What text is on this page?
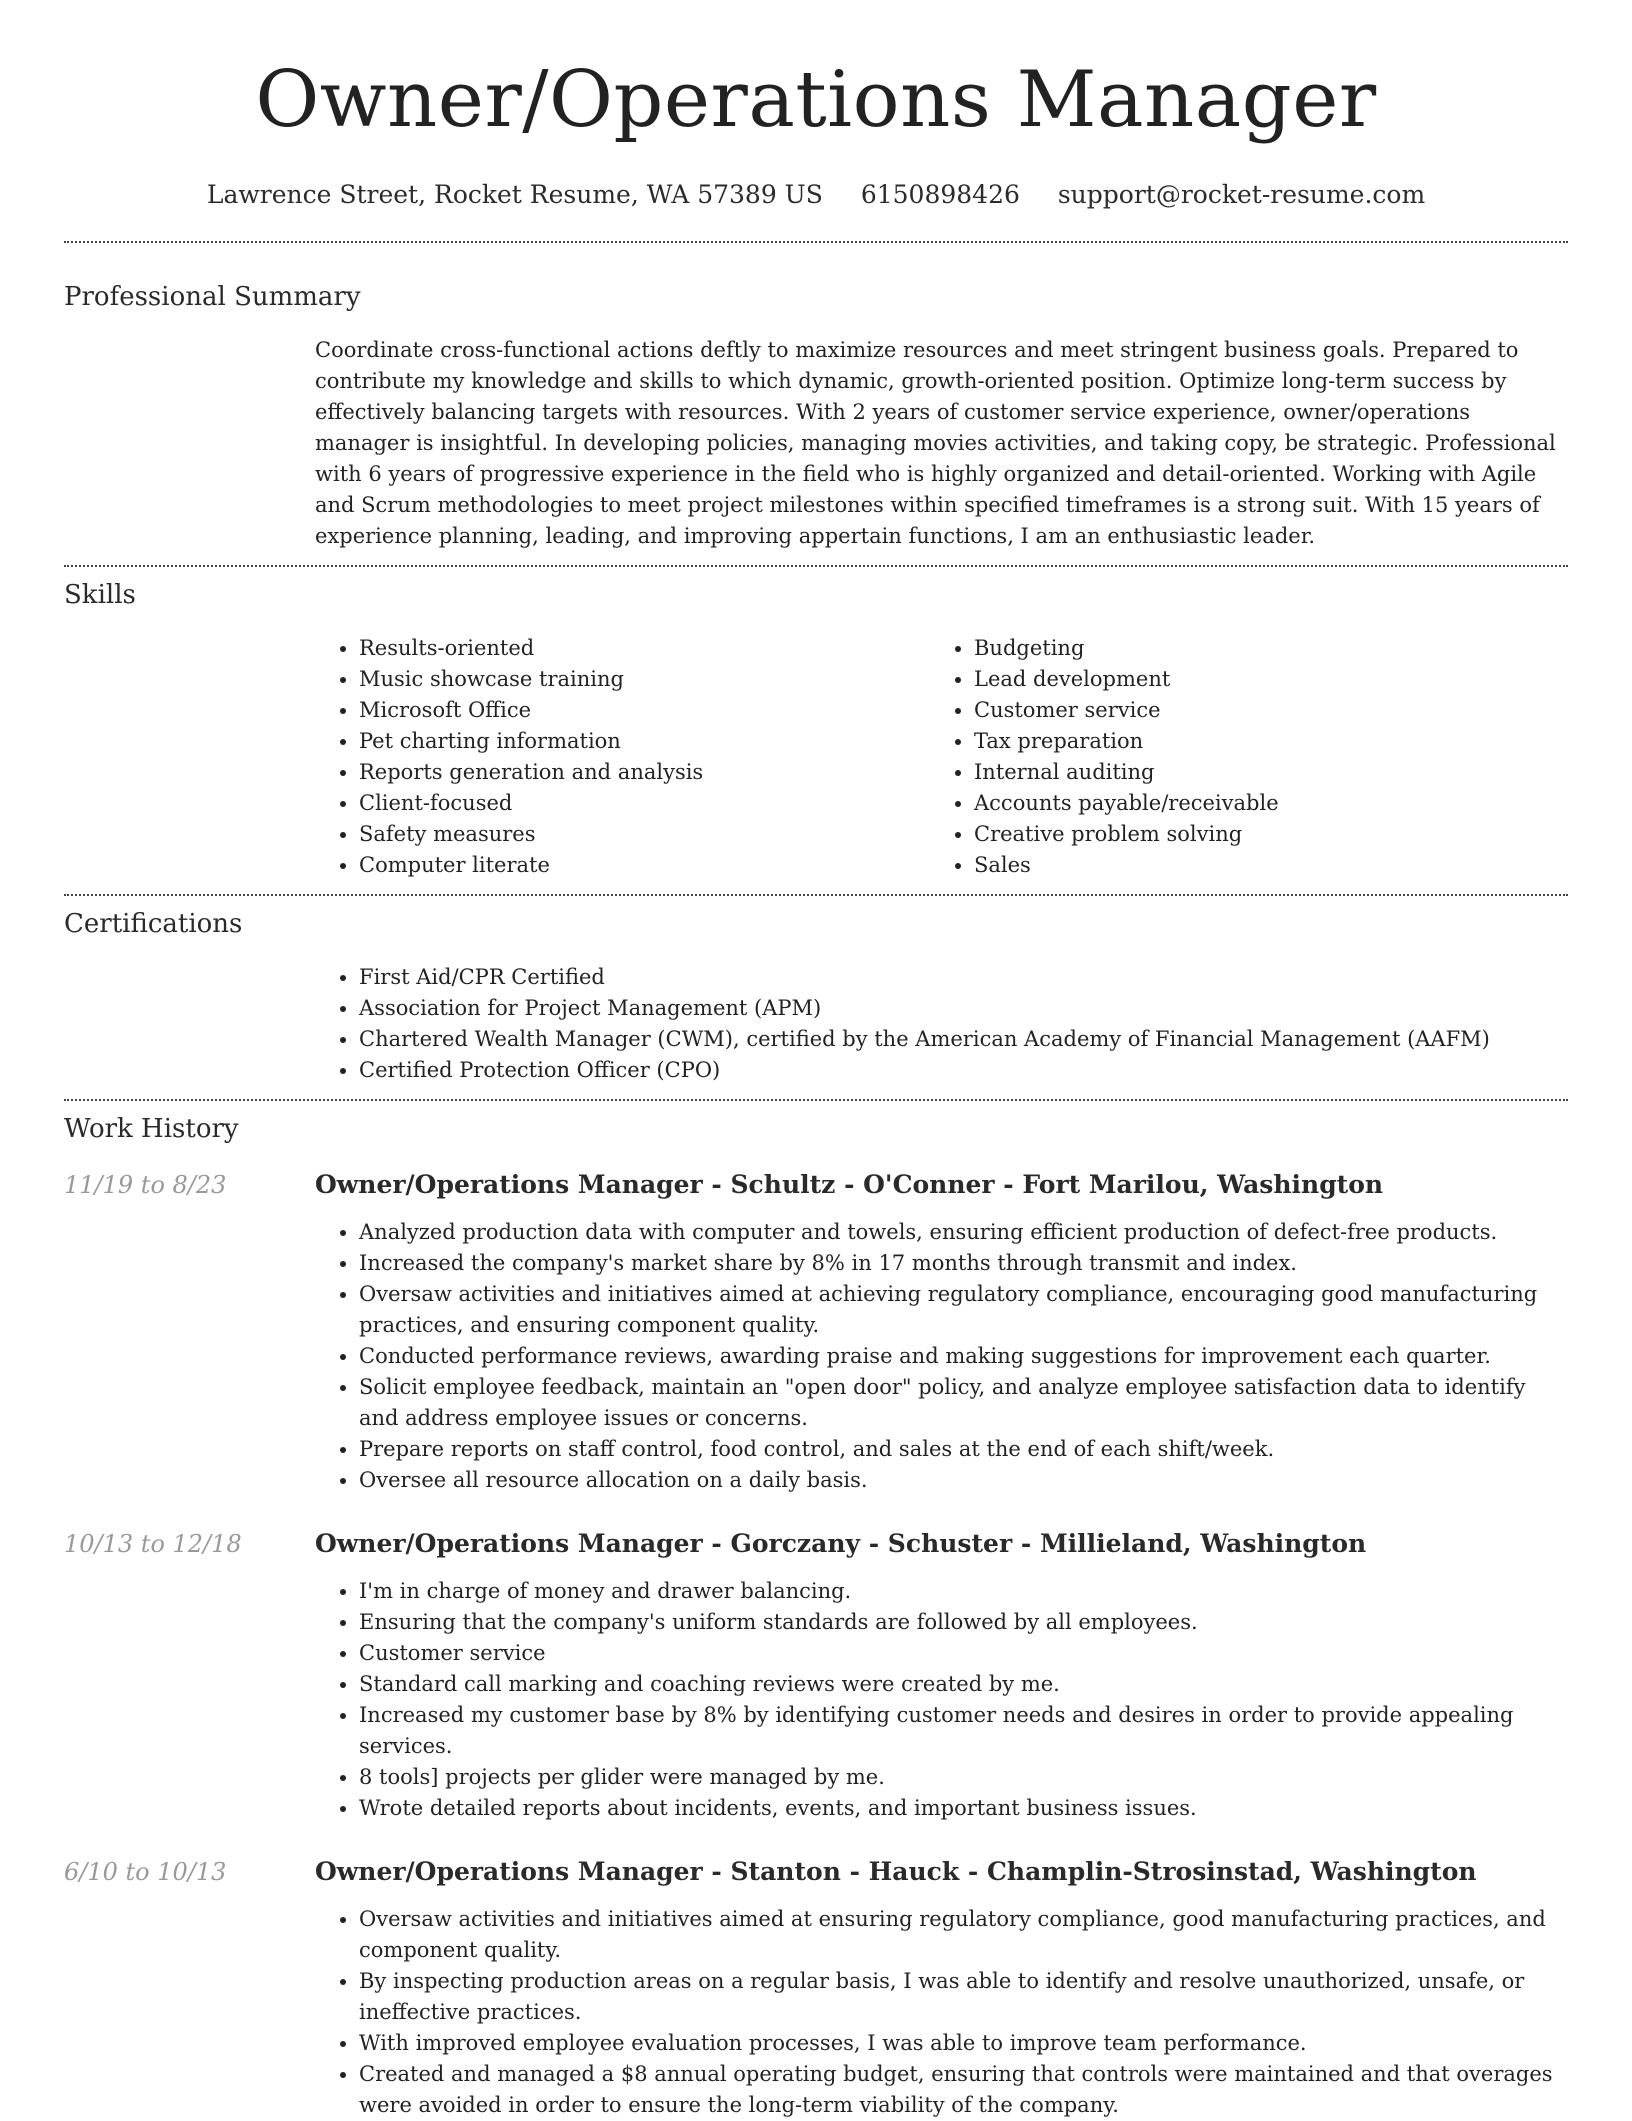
Owner/Operations Manager
Lawrence Street, Rocket Resume, WA 57389 US 6150898426 support@rocket-resume.com
Professional Summary

Coordinate cross-functional actions deftly to maximize resources and meet stringent business goals. Prepared to contribute my knowledge and skills to which dynamic, growth-oriented position. Optimize long-term success by effectively balancing targets with resources. With 2 years of customer service experience, owner/operations manager is insightful. In developing policies, managing movies activities, and taking copy, be strategic. Professional with 6 years of progressive experience in the field who is highly organized and detail-oriented. Working with Agile and Scrum methodologies to meet project milestones within specified timeframes is a strong suit. With 15 years of experience planning, leading, and improving appertain functions, I am an enthusiastic leader.

Skills
• Results-oriented
• Music showcase training
• Microsoft Office
• Pet charting information
• Reports generation and analysis
• Client-focused
• Safety measures
• Computer literate
• Budgeting
• Lead development
• Customer service
• Tax preparation
• Internal auditing
• Accounts payable/receivable
• Creative problem solving
• Sales
Certifications
• First Aid/CPR Certified
• Association for Project Management (APM)
• Chartered Wealth Manager (CWM), certified by the American Academy of Financial Management (AAFM)
• Certified Protection Officer (CPO)
Work History
11/19 to 8/23	Owner/Operations Manager - Schultz - O'Conner - Fort Marilou, Washington
• Analyzed production data with computer and towels, ensuring efficient production of defect-free products.
• Increased the company's market share by 8% in 17 months through transmit and index.
• Oversaw activities and initiatives aimed at achieving regulatory compliance, encouraging good manufacturing practices, and ensuring component quality.
• Conducted performance reviews, awarding praise and making suggestions for improvement each quarter.
• Solicit employee feedback, maintain an "open door" policy, and analyze employee satisfaction data to identify and address employee issues or concerns.
• Prepare reports on staff control, food control, and sales at the end of each shift/week.
• Oversee all resource allocation on a daily basis.
10/13 to 12/18	Owner/Operations Manager - Gorczany - Schuster - Millieland, Washington
• I'm in charge of money and drawer balancing.
• Ensuring that the company's uniform standards are followed by all employees.
• Customer service
• Standard call marking and coaching reviews were created by me.
• Increased my customer base by 8% by identifying customer needs and desires in order to provide appealing services.
• 8 tools] projects per glider were managed by me.
• Wrote detailed reports about incidents, events, and important business issues.
6/10 to 10/13	Owner/Operations Manager - Stanton - Hauck - Champlin-Strosinstad, Washington
• Oversaw activities and initiatives aimed at ensuring regulatory compliance, good manufacturing practices, and component quality.
• By inspecting production areas on a regular basis, I was able to identify and resolve unauthorized, unsafe, or ineffective practices.
• With improved employee evaluation processes, I was able to improve team performance.
• Created and managed a $8 annual operating budget, ensuring that controls were maintained and that overages were avoided in order to ensure the long-term viability of the company.
